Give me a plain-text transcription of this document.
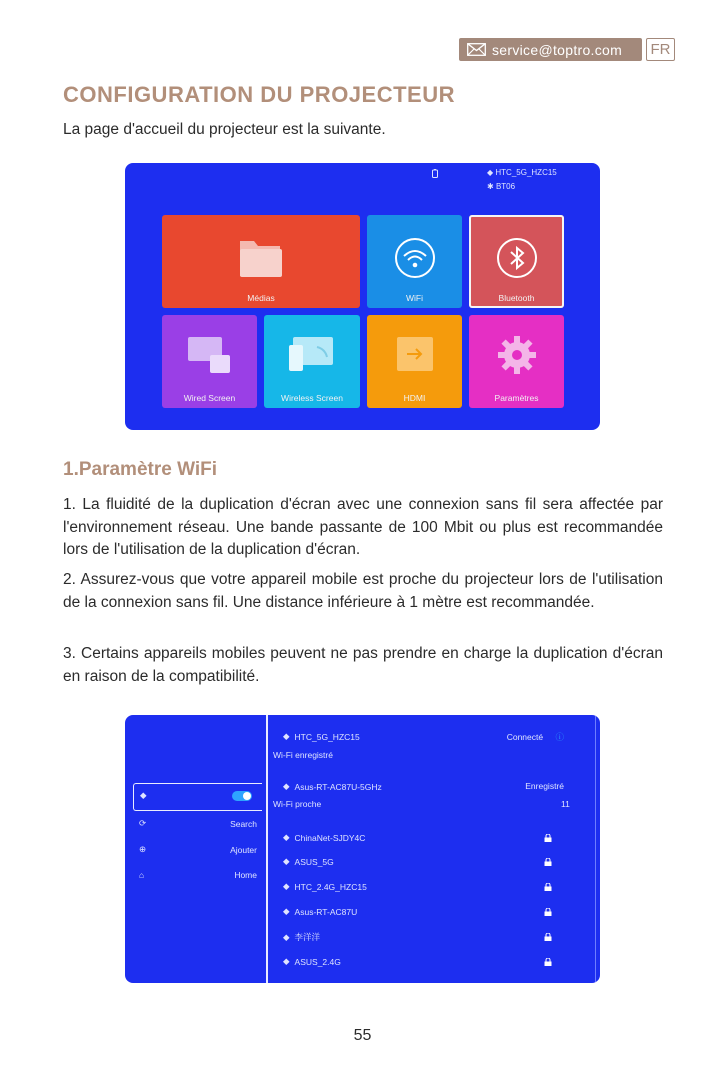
service@toptro.com	FR
CONFIGURATION DU PROJECTEUR

La page d'accueil du projecteur est la suivante.

◆ HTC_5G_HZC15
✱ BT06
Médias	WiFi	Bluetooth
Wired Screen	Wireless Screen	HDMI	Paramètres
1.Paramètre WiFi

1. La fluidité de la duplication d'écran avec une connexion sans fil sera affectée par l'environnement réseau. Une bande passante de 100 Mbit ou plus est recommandée lors de l'utilisation de la duplication d'écran.

2. Assurez-vous que votre appareil mobile est proche du projecteur lors de l'utilisation de la connexion sans fil. Une distance inférieure à 1 mètre est recommandée.

3. Certains appareils mobiles peuvent ne pas prendre en charge la duplication d'écran en raison de la compatibilité.

◆
⟳	Search
⊕	Ajouter
⌂	Home
◆ HTC_5G_HZC15	Connecté ⓘ
Wi-Fi enregistré
◆ Asus-RT-AC87U-5GHz	Enregistré
Wi-Fi proche	11
◆ ChinaNet-SJDY4C
◆ ASUS_5G
◆ HTC_2.4G_HZC15
◆ Asus-RT-AC87U
◆ 李洋洋
◆ ASUS_2.4G
55
